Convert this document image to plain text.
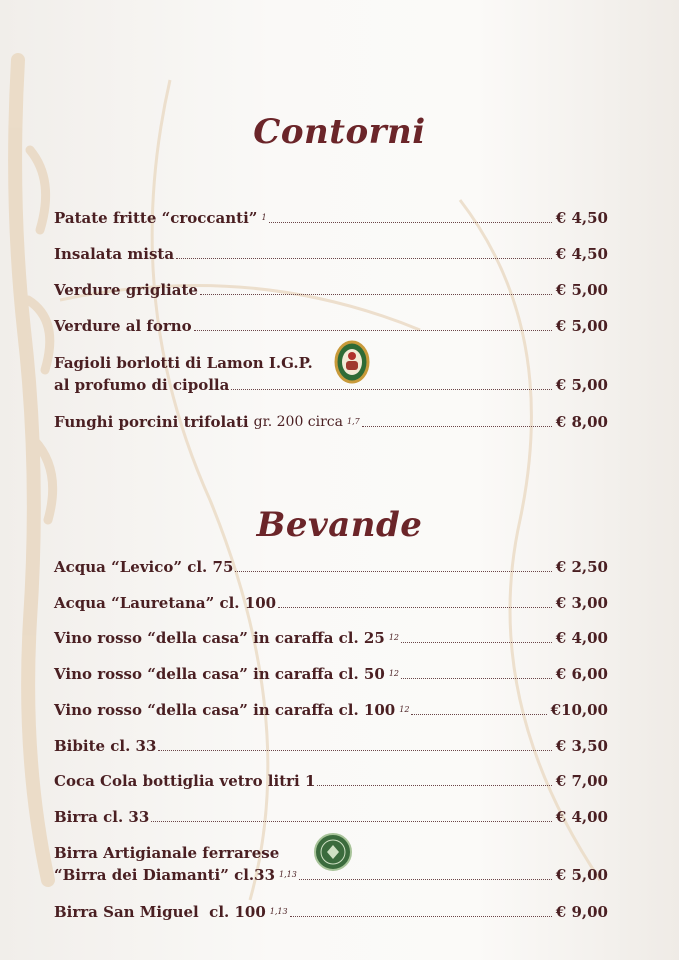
Contorni
Patate fritte “croccanti” 1	€ 4,50
Insalata mista	€ 4,50
Verdure grigliate	€ 5,00
Verdure al forno	€ 5,00
Fagioli borlotti di Lamon I.G.P.
al profumo di cipolla	€ 5,00
Funghi porcini trifolati gr. 200 circa 1,7	€ 8,00
Bevande
Acqua “Levico” cl. 75	€ 2,50
Acqua “Lauretana” cl. 100	€ 3,00
Vino rosso “della casa” in caraffa cl. 25 12	€ 4,00
Vino rosso “della casa” in caraffa cl. 50 12	€ 6,00
Vino rosso “della casa” in caraffa cl. 100 12	€10,00
Bibite cl. 33	€ 3,50
Coca Cola bottiglia vetro litri 1	€ 7,00
Birra cl. 33	€ 4,00
Birra Artigianale ferrarese
“Birra dei Diamanti” cl.33 1,13	€ 5,00
Birra San Miguel  cl. 100 1,13	€ 9,00
